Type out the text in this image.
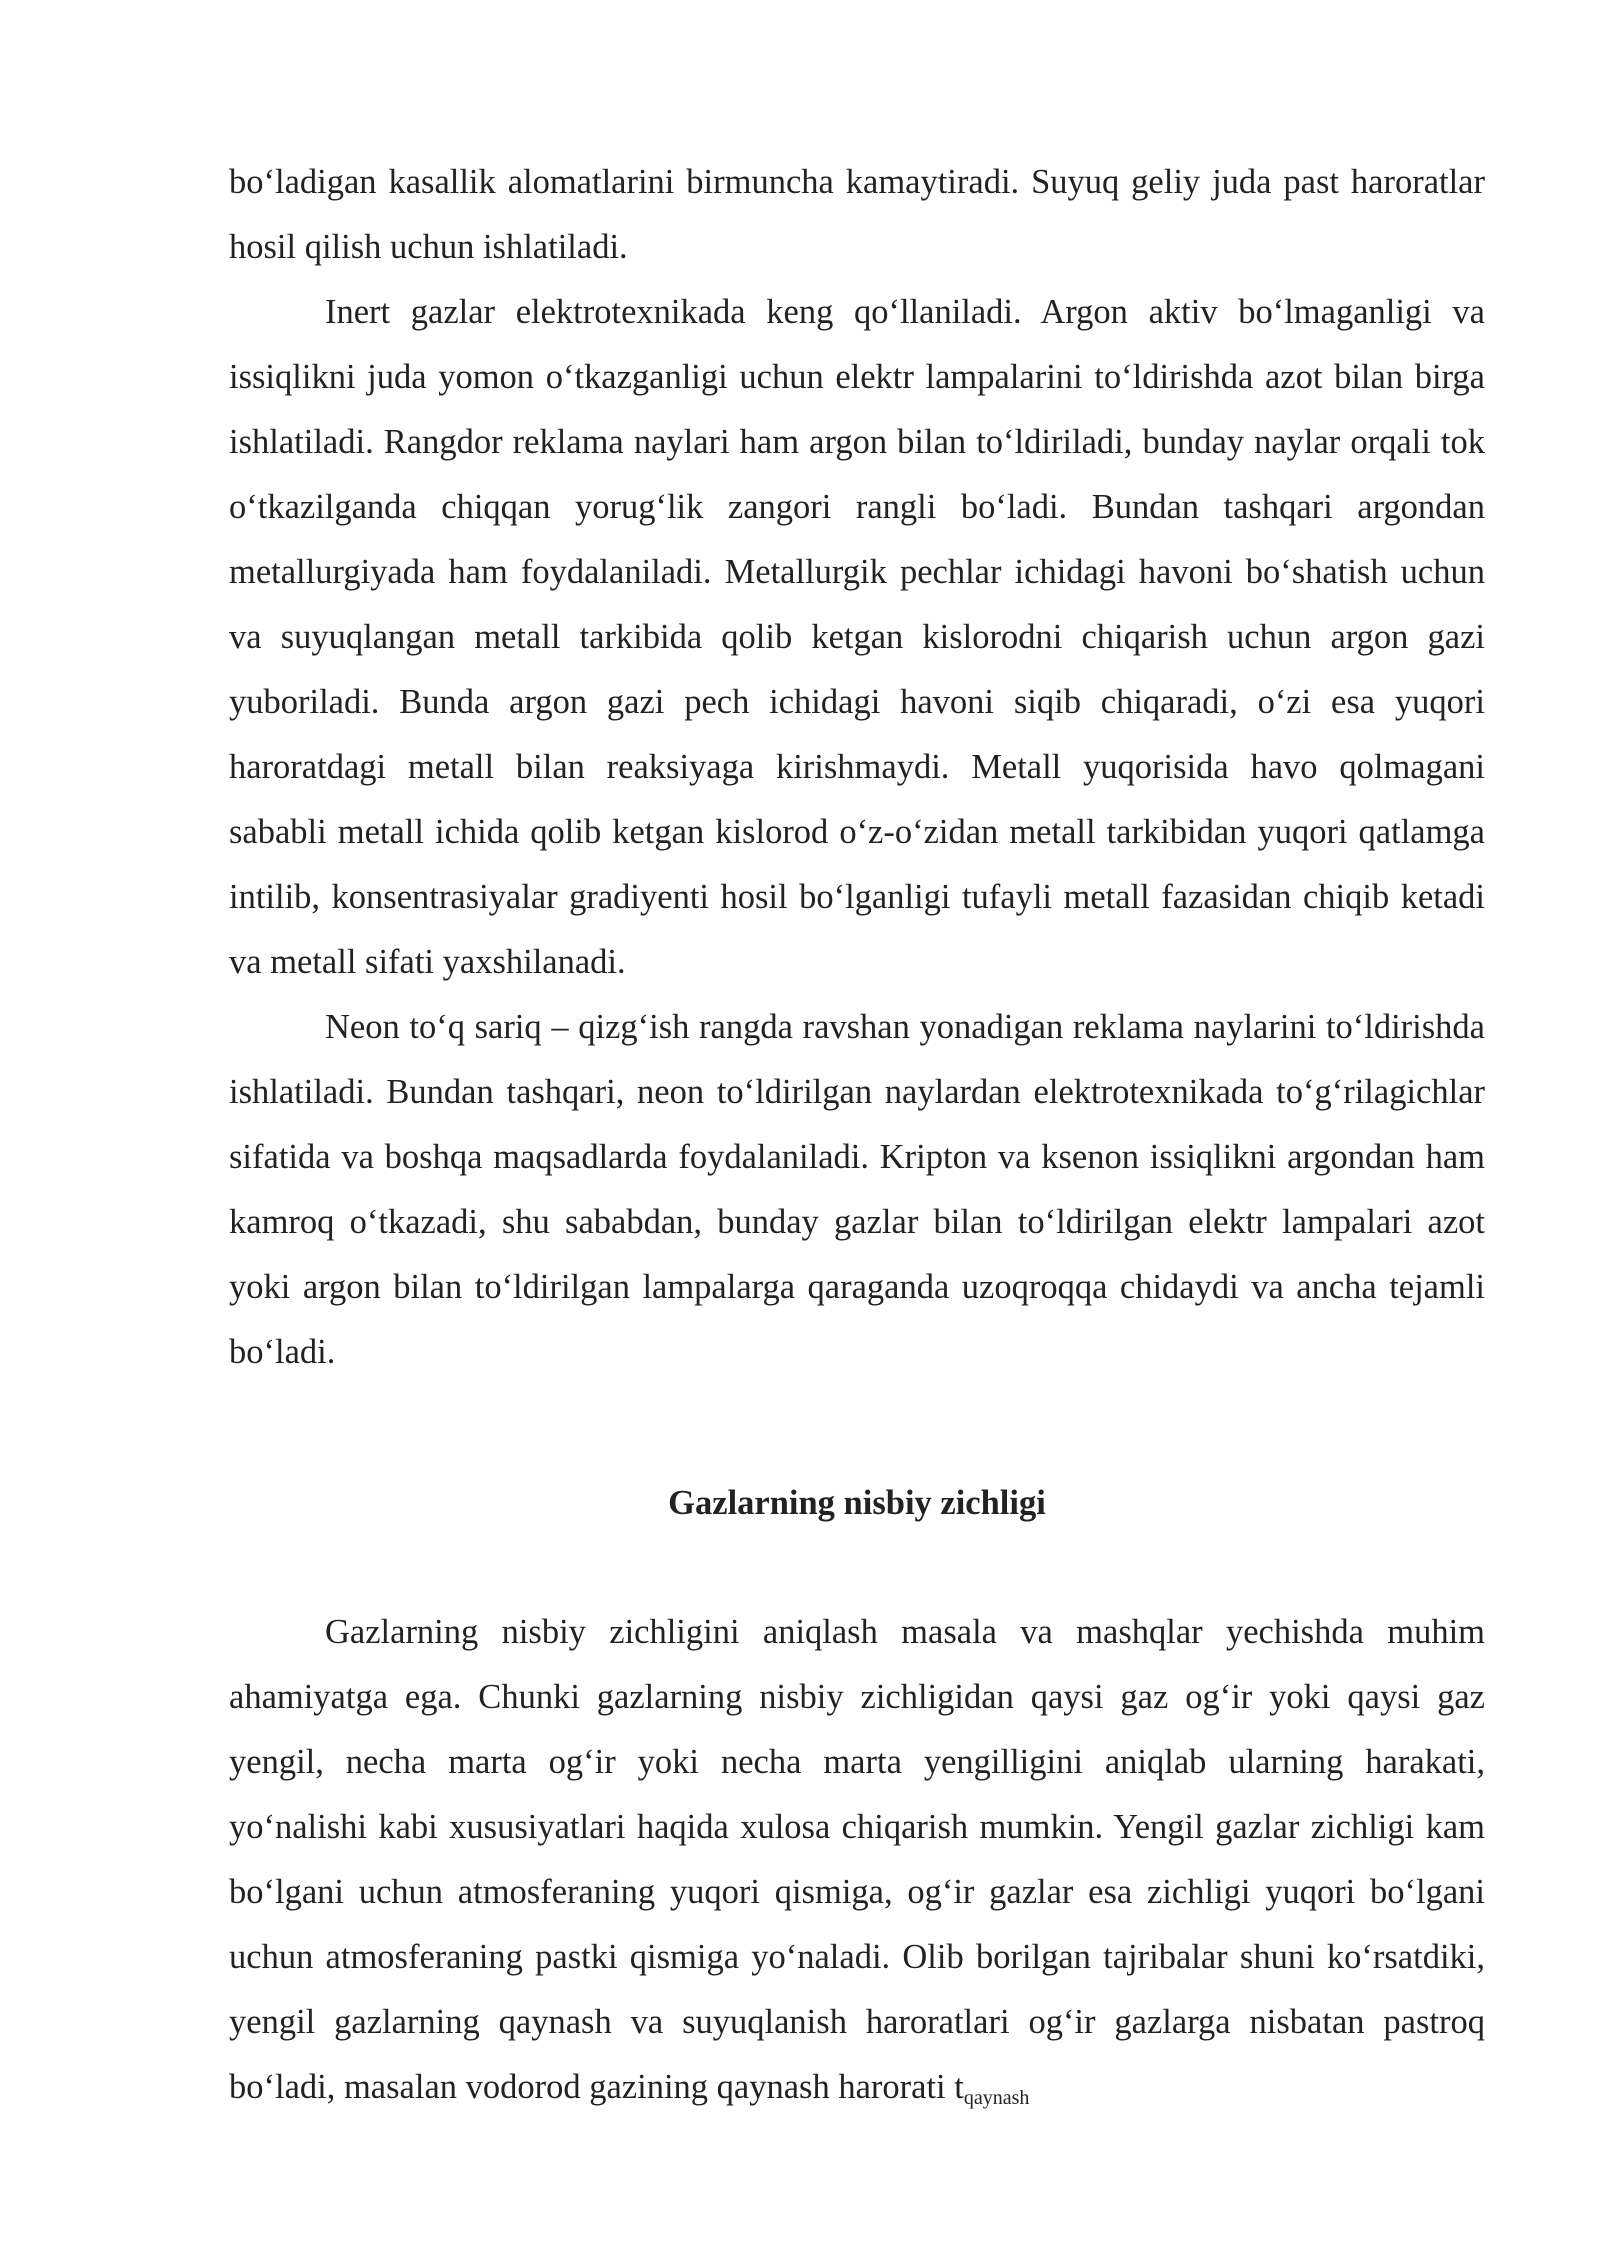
boʻladigan kasallik alomatlarini birmuncha kamaytiradi. Suyuq geliy juda past haroratlar hosil qilish uchun ishlatiladi.

Inert gazlar elektrotexnikada keng qoʻllaniladi. Argon aktiv boʻlmaganligi va issiqlikni juda yomon oʻtkazganligi uchun elektr lampalarini toʻldirishda azot bilan birga ishlatiladi. Rangdor reklama naylari ham argon bilan toʻldiriladi, bunday naylar orqali tok oʻtkazilganda chiqqan yorugʻlik zangori rangli boʻladi. Bundan tashqari argondan metallurgiyada ham foydalaniladi. Metallurgik pechlar ichidagi havoni boʻshatish uchun va suyuqlangan metall tarkibida qolib ketgan kislorodni chiqarish uchun argon gazi yuboriladi. Bunda argon gazi pech ichidagi havoni siqib chiqaradi, oʻzi esa yuqori haroratdagi metall bilan reaksiyaga kirishmaydi. Metall yuqorisida havo qolmagani sababli metall ichida qolib ketgan kislorod oʻz-oʻzidan metall tarkibidan yuqori qatlamga intilib, konsentrasiyalar gradiyenti hosil boʻlganligi tufayli metall fazasidan chiqib ketadi va metall sifati yaxshilanadi.

Neon toʻq sariq – qizgʻish rangda ravshan yonadigan reklama naylarini toʻldirishda ishlatiladi. Bundan tashqari, neon toʻldirilgan naylardan elektrotexnikada toʻgʻrilagichlar sifatida va boshqa maqsadlarda foydalaniladi. Kripton va ksenon issiqlikni argondan ham kamroq oʻtkazadi, shu sababdan, bunday gazlar bilan toʻldirilgan elektr lampalari azot yoki argon bilan toʻldirilgan lampalarga qaraganda uzoqroqqa chidaydi va ancha tejamli boʻladi.

Gazlarning nisbiy zichligi

Gazlarning nisbiy zichligini aniqlash masala va mashqlar yechishda muhim ahamiyatga ega. Chunki gazlarning nisbiy zichligidan qaysi gaz ogʻir yoki qaysi gaz yengil, necha marta ogʻir yoki necha marta yengilligini aniqlab ularning harakati, yoʻnalishi kabi xususiyatlari haqida xulosa chiqarish mumkin. Yengil gazlar zichligi kam boʻlgani uchun atmosferaning yuqori qismiga, ogʻir gazlar esa zichligi yuqori boʻlgani uchun atmosferaning pastki qismiga yoʻnaladi. Olib borilgan tajribalar shuni koʻrsatdiki, yengil gazlarning qaynash va suyuqlanish haroratlari ogʻir gazlarga nisbatan pastroq boʻladi, masalan vodorod gazining qaynash harorati $t_{qaynash}$
